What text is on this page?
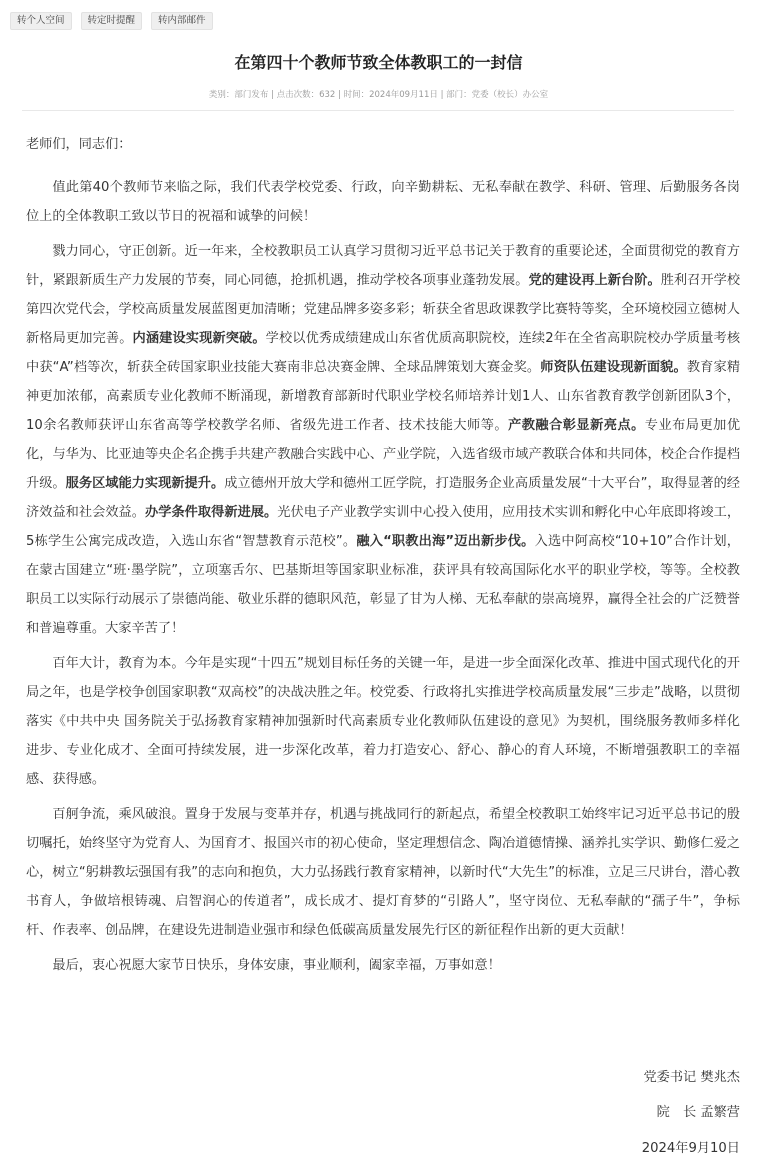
转个人空间	转定时提醒	转内部邮件
在第四十个教师节致全体教职工的一封信
类别：部门发布 | 点击次数：632 | 时间：2024年09月11日 | 部门：党委（校长）办公室

老师们，同志们：

值此第40个教师节来临之际，我们代表学校党委、行政，向辛勤耕耘、无私奉献在教学、科研、管理、后勤服务各岗位上的全体教职工致以节日的祝福和诚挚的问候！

戮力同心，守正创新。近一年来，全校教职员工认真学习贯彻习近平总书记关于教育的重要论述，全面贯彻党的教育方针，紧跟新质生产力发展的节奏，同心同德，抢抓机遇，推动学校各项事业蓬勃发展。党的建设再上新台阶。胜利召开学校第四次党代会，学校高质量发展蓝图更加清晰；党建品牌多姿多彩；斩获全省思政课教学比赛特等奖，全环境校园立德树人新格局更加完善。内涵建设实现新突破。学校以优秀成绩建成山东省优质高职院校，连续2年在全省高职院校办学质量考核中获“A”档等次，斩获全砖国家职业技能大赛南非总决赛金牌、全球品牌策划大赛金奖。师资队伍建设现新面貌。教育家精神更加浓郁，高素质专业化教师不断涌现，新增教育部新时代职业学校名师培养计划1人、山东省教育教学创新团队3个，10余名教师获评山东省高等学校教学名师、省级先进工作者、技术技能大师等。产教融合彰显新亮点。专业布局更加优化，与华为、比亚迪等央企名企携手共建产教融合实践中心、产业学院，入选省级市域产教联合体和共同体，校企合作提档升级。服务区域能力实现新提升。成立德州开放大学和德州工匠学院，打造服务企业高质量发展“十大平台”，取得显著的经济效益和社会效益。办学条件取得新进展。光伏电子产业教学实训中心投入使用，应用技术实训和孵化中心年底即将竣工，5栋学生公寓完成改造，入选山东省“智慧教育示范校”。融入“职教出海”迈出新步伐。入选中阿高校“10+10”合作计划，在蒙古国建立“班·墨学院”，立项塞舌尔、巴基斯坦等国家职业标准，获评具有较高国际化水平的职业学校，等等。全校教职员工以实际行动展示了崇德尚能、敬业乐群的德职风范，彰显了甘为人梯、无私奉献的崇高境界，赢得全社会的广泛赞誉和普遍尊重。大家辛苦了！

百年大计，教育为本。今年是实现“十四五”规划目标任务的关键一年，是进一步全面深化改革、推进中国式现代化的开局之年，也是学校争创国家职教“双高校”的决战决胜之年。校党委、行政将扎实推进学校高质量发展“三步走”战略，以贯彻落实《中共中央 国务院关于弘扬教育家精神加强新时代高素质专业化教师队伍建设的意见》为契机，围绕服务教师多样化进步、专业化成才、全面可持续发展，进一步深化改革，着力打造安心、舒心、静心的育人环境，不断增强教职工的幸福感、获得感。

百舸争流，乘风破浪。置身于发展与变革并存，机遇与挑战同行的新起点，希望全校教职工始终牢记习近平总书记的殷切嘱托，始终坚守为党育人、为国育才、报国兴市的初心使命，坚定理想信念、陶冶道德情操、涵养扎实学识、勤修仁爱之心，树立“躬耕教坛强国有我”的志向和抱负，大力弘扬践行教育家精神，以新时代“大先生”的标准，立足三尺讲台，潜心教书育人，争做培根铸魂、启智润心的传道者”，成长成才、提灯育梦的“引路人”，坚守岗位、无私奉献的“孺子牛”，争标杆、作表率、创品牌，在建设先进制造业强市和绿色低碳高质量发展先行区的新征程作出新的更大贡献！

最后，衷心祝愿大家节日快乐，身体安康，事业顺利，阖家幸福，万事如意！

党委书记 樊兆杰
院　长 孟繁营
2024年9月10日
